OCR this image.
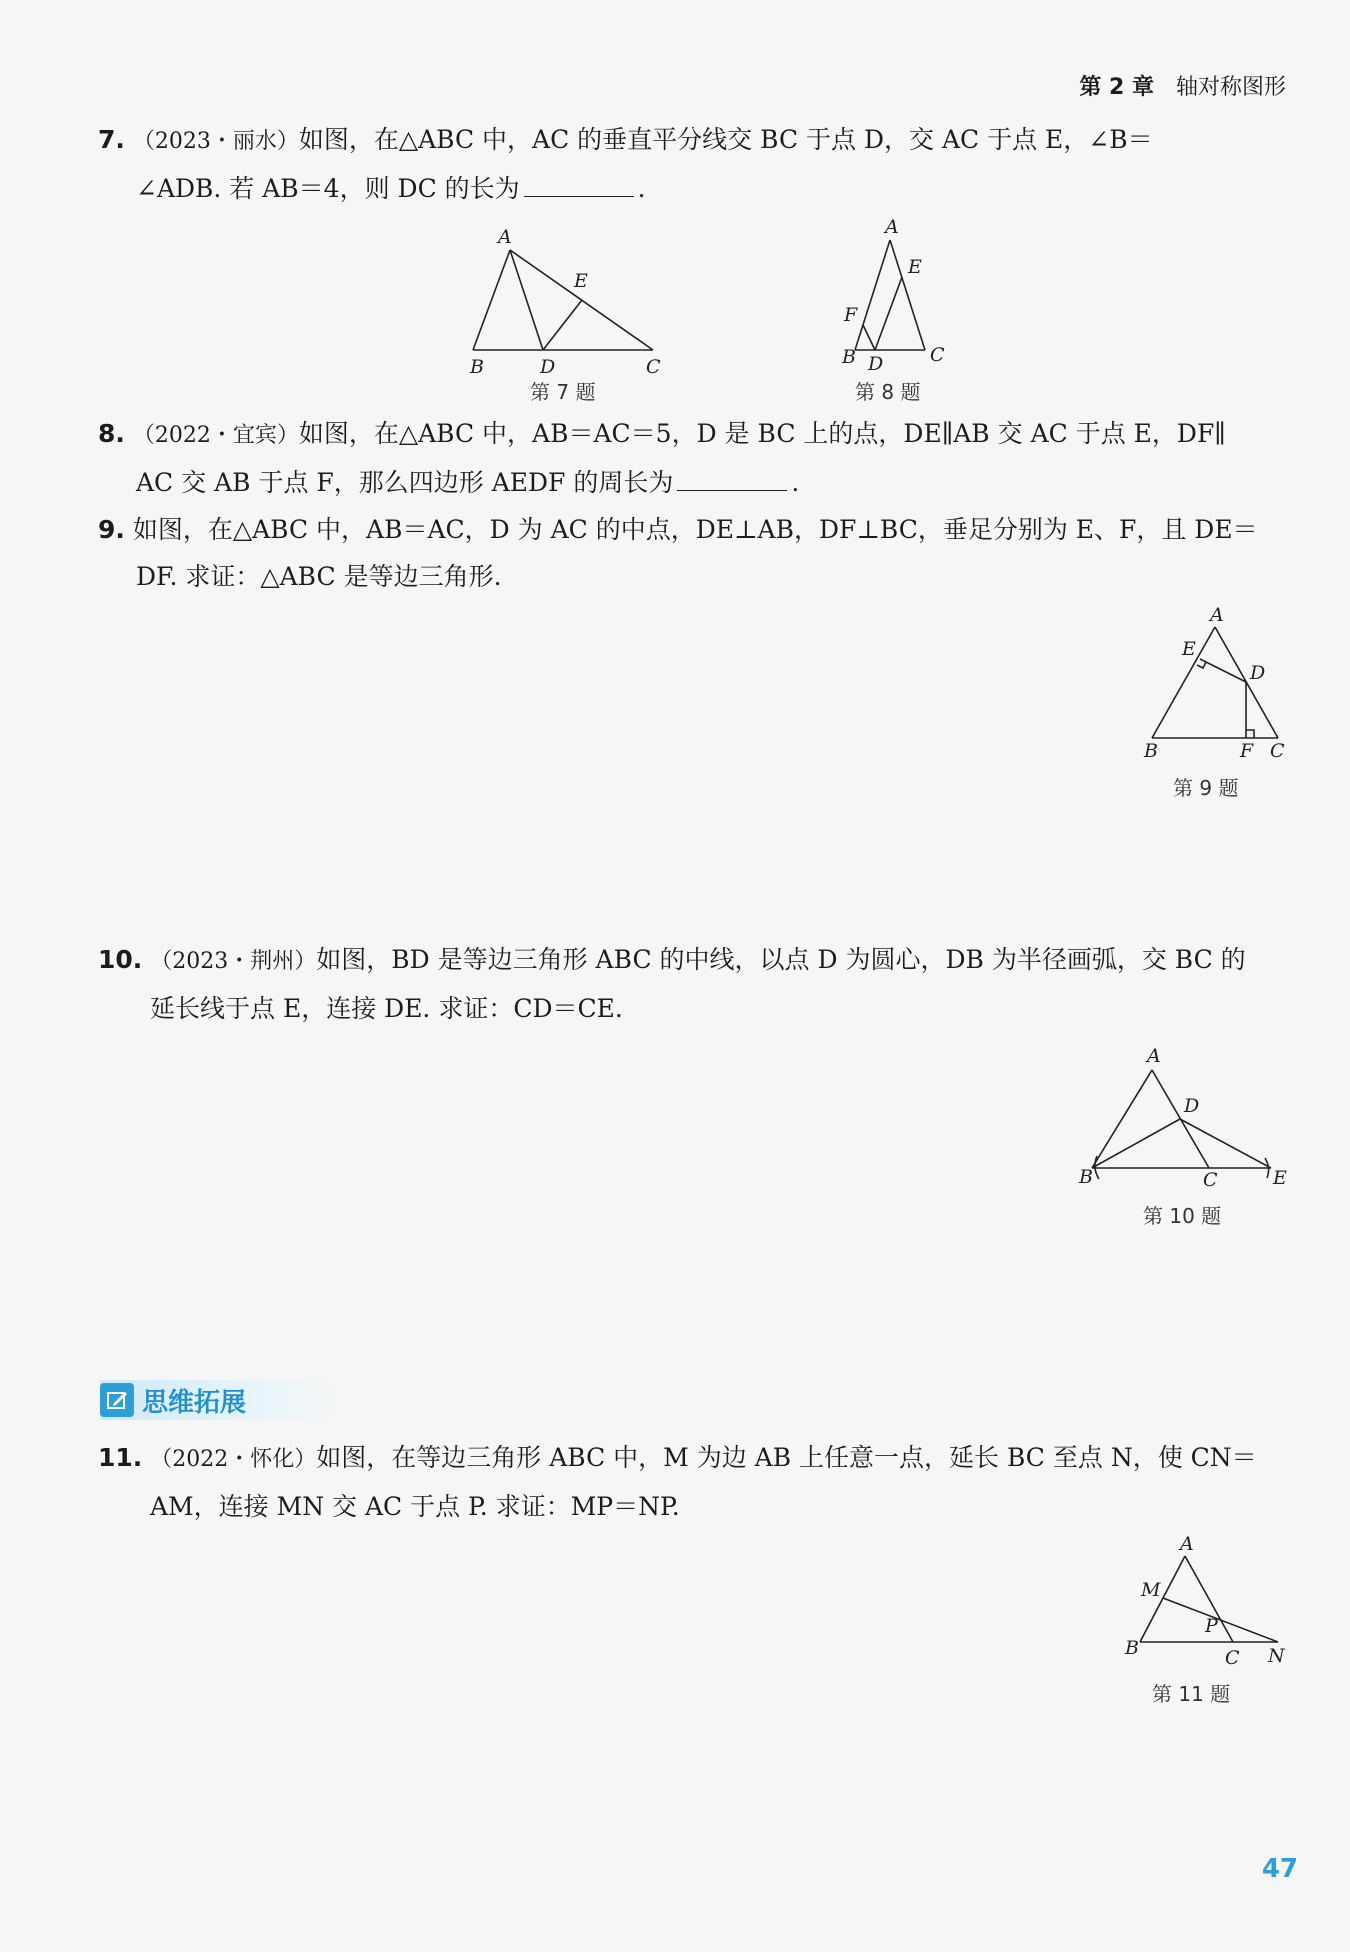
第 2 章 轴对称图形
7. （2023・丽水）如图，在△ABC 中，AC 的垂直平分线交 BC 于点 D，交 AC 于点 E，∠B＝
∠ADB. 若 AB＝4，则 DC 的长为	.
A
B	C
D
E
第 7 题
A
B	C
D
E
F
第 8 题
8. （2022・宜宾）如图，在△ABC 中，AB＝AC＝5，D 是 BC 上的点，DE∥AB 交 AC 于点 E，DF∥
AC 交 AB 于点 F，那么四边形 AEDF 的周长为	.
9. 如图，在△ABC 中，AB＝AC，D 为 AC 的中点，DE⊥AB，DF⊥BC，垂足分别为 E、F，且 DE＝
DF. 求证：△ABC 是等边三角形.
A
B	C
D
E
F
第 9 题
10. （2023・荆州）如图，BD 是等边三角形 ABC 的中线，以点 D 为圆心，DB 为半径画弧，交 BC 的
延长线于点 E，连接 DE. 求证：CD＝CE.
A
B	C
D
E
第 10 题
思维拓展
11. （2022・怀化）如图，在等边三角形 ABC 中，M 为边 AB 上任意一点，延长 BC 至点 N，使 CN＝
AM，连接 MN 交 AC 于点 P. 求证：MP＝NP.
A
B	C
M
N
P
第 11 题
47
